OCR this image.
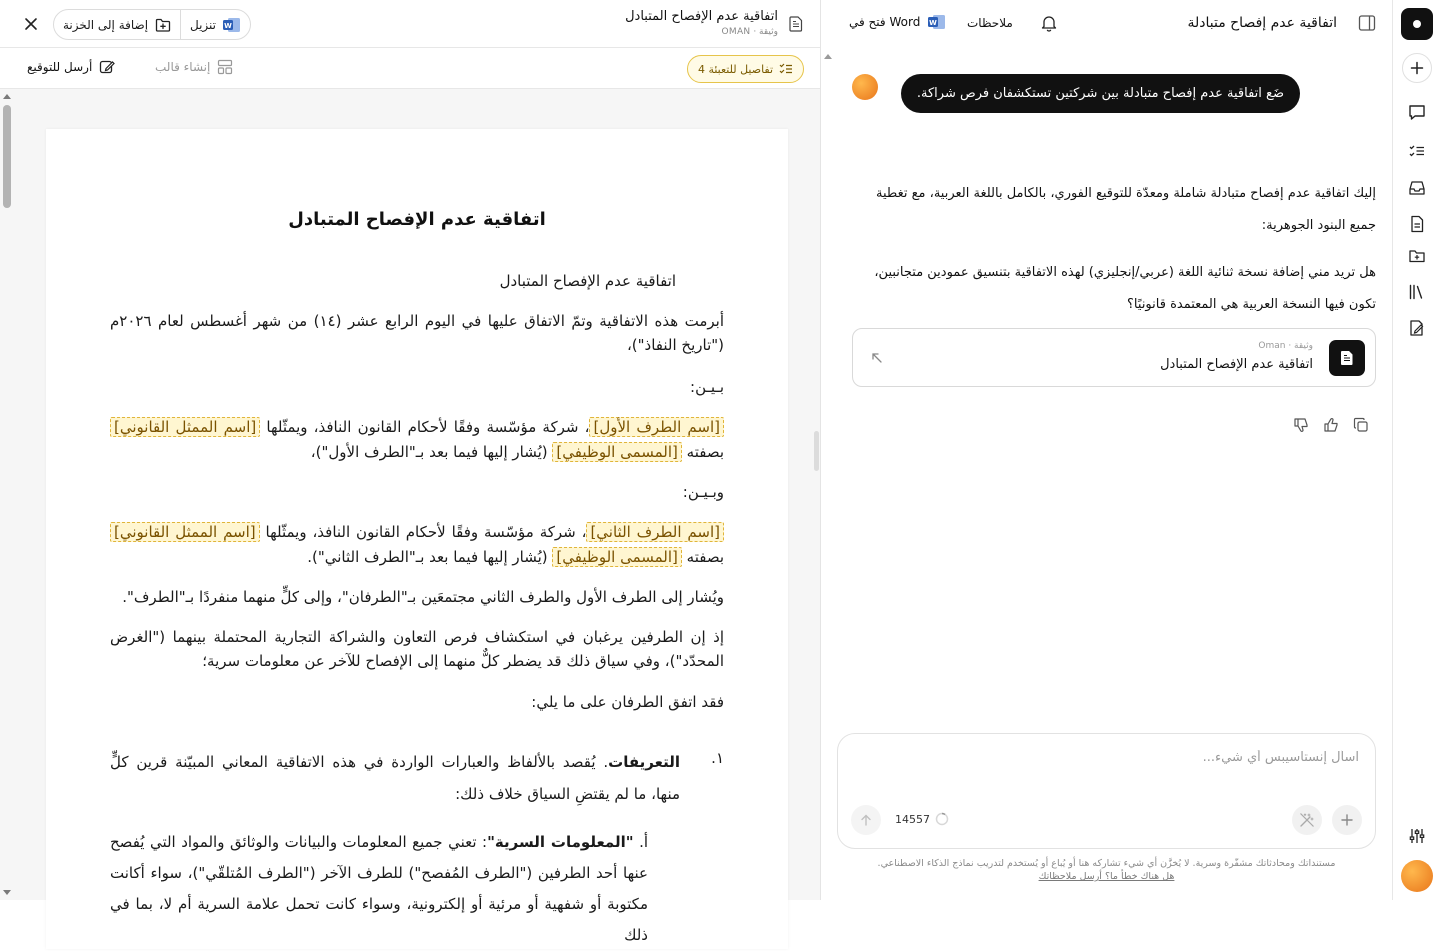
W
تنزيل
إضافة إلى الخزنة
اتفاقية عدم الإفصاح المتبادل
وثيقة · OMAN
أرسل للتوقيع	إنشاء قالب	4 تفاصيل للتعبئة
اتفاقية عدم الإفصاح المتبادل
اتفاقية عدم الإفصاح المتبادل
أبرمت هذه الاتفاقية وتمّ الاتفاق عليها في اليوم الرابع عشر (١٤) من شهر أغسطس لعام ٢٠٢٦م ("تاريخ النفاذ")،
بـيـن:
[اسم الطرف الأول]، شركة مؤسّسة وفقًا لأحكام القانون النافذ، ويمثّلها [اسم الممثل القانوني] بصفته [المسمى الوظيفي] (يُشار إليها فيما بعد بـ"الطرف الأول")،
وبـيـن:
[اسم الطرف الثاني]، شركة مؤسّسة وفقًا لأحكام القانون النافذ، ويمثّلها [اسم الممثل القانوني] بصفته [المسمى الوظيفي] (يُشار إليها فيما بعد بـ"الطرف الثاني").
ويُشار إلى الطرف الأول والطرف الثاني مجتمعَين بـ"الطرفان"، وإلى كلٍّ منهما منفردًا بـ"الطرف".
إذ إن الطرفين يرغبان في استكشاف فرص التعاون والشراكة التجارية المحتملة بينهما ("الغرض المحدّد")، وفي سياق ذلك قد يضطر كلٌّ منهما إلى الإفصاح للآخر عن معلومات سرية؛
فقد اتفق الطرفان على ما يلي:
١.
التعريفات. يُقصد بالألفاظ والعبارات الواردة في هذه الاتفاقية المعاني المبيّنة قرين كلٍّ منها، ما لم يقتضِ السياق خلاف ذلك:
أ. "المعلومات السرية": تعني جميع المعلومات والبيانات والوثائق والمواد التي يُفصح عنها أحد الطرفين ("الطرف المُفصح") للطرف الآخر ("الطرف المُتلقّي")، سواء أكانت مكتوبة أو شفهية أو مرئية أو إلكترونية، وسواء كانت تحمل علامة السرية أم لا، بما في ذلك
W
فتح في Word	ملاحظات	اتفاقية عدم إفصاح متبادلة
ضَع اتفاقية عدم إفصاح متبادلة بين شركتين تستكشفان فرص شراكة.
إليك اتفاقية عدم إفصاح متبادلة شاملة ومعدّة للتوقيع الفوري، بالكامل باللغة العربية، مع تغطية جميع البنود الجوهرية:
هل تريد مني إضافة نسخة ثنائية اللغة (عربي/إنجليزي) لهذه الاتفاقية بتنسيق عمودين متجانبين، تكون فيها النسخة العربية هي المعتمدة قانونيًا؟
وثيقة · Oman
اتفاقية عدم الإفصاح المتبادل
اسأل إنستاسيبس أي شيء...
14557
مستنداتك ومحادثاتك مشفّرة وسرية. لا يُخزَّن أي شيء تشاركه هنا أو يُباع أو يُستخدم لتدريب نماذج الذكاء الاصطناعي.
هل هناك خطأ ما؟ أرسل ملاحظاتك
